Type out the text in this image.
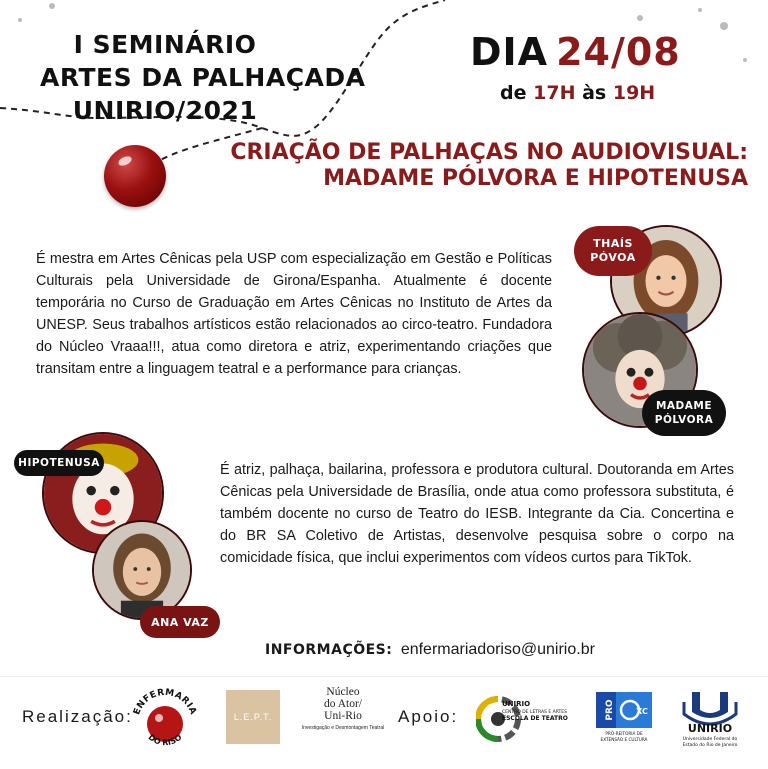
I SEMINÁRIO
ARTES DA PALHAÇADA
UNIRIO/2021
DIA 24/08
de 17H às 19H
CRIAÇÃO DE PALHAÇAS NO AUDIOVISUAL:
MADAME PÓLVORA E HIPOTENUSA

É mestra em Artes Cênicas pela USP com especialização em Gestão e Políticas Culturais pela Universidade de Girona/Espanha. Atualmente é docente temporária no Curso de Graduação em Artes Cênicas no Instituto de Artes da UNESP. Seus trabalhos artísticos estão relacionados ao circo-teatro. Fundadora do Núcleo Vraaa!!!, atua como diretora e atriz, experimentando criações que transitam entre a linguagem teatral e a performance para crianças.

THAÍS
PÓVOA
MADAME
PÓLVORA
HIPOTENUSA
ANA VAZ

É atriz, palhaça, bailarina, professora e produtora cultural. Doutoranda em Artes Cênicas pela Universidade de Brasília, onde atua como professora substituta, é também docente no curso de Teatro do IESB. Integrante da Cia. Concertina e do BR SA Coletivo de Artistas, desenvolve pesquisa sobre o corpo na comicidade física, que inclui experimentos com vídeos curtos para TikTok.

INFORMAÇÕES: enfermariadoriso@unirio.br
Realização: ENFERMARIA
DO RISO
L.E.P.T.
Núcleo
do Ator/
Uni-Rio
Investigação e Desmontagem Teatral
Apoio:
UNIRIO
CENTRO DE LETRAS E ARTES
ESCOLA DE TEATRO	PRO	XC
PRÓ-REITORIA DE
EXTENSÃO E CULTURA
UNIRIO
Universidade Federal do
Estado do Rio de Janeiro
